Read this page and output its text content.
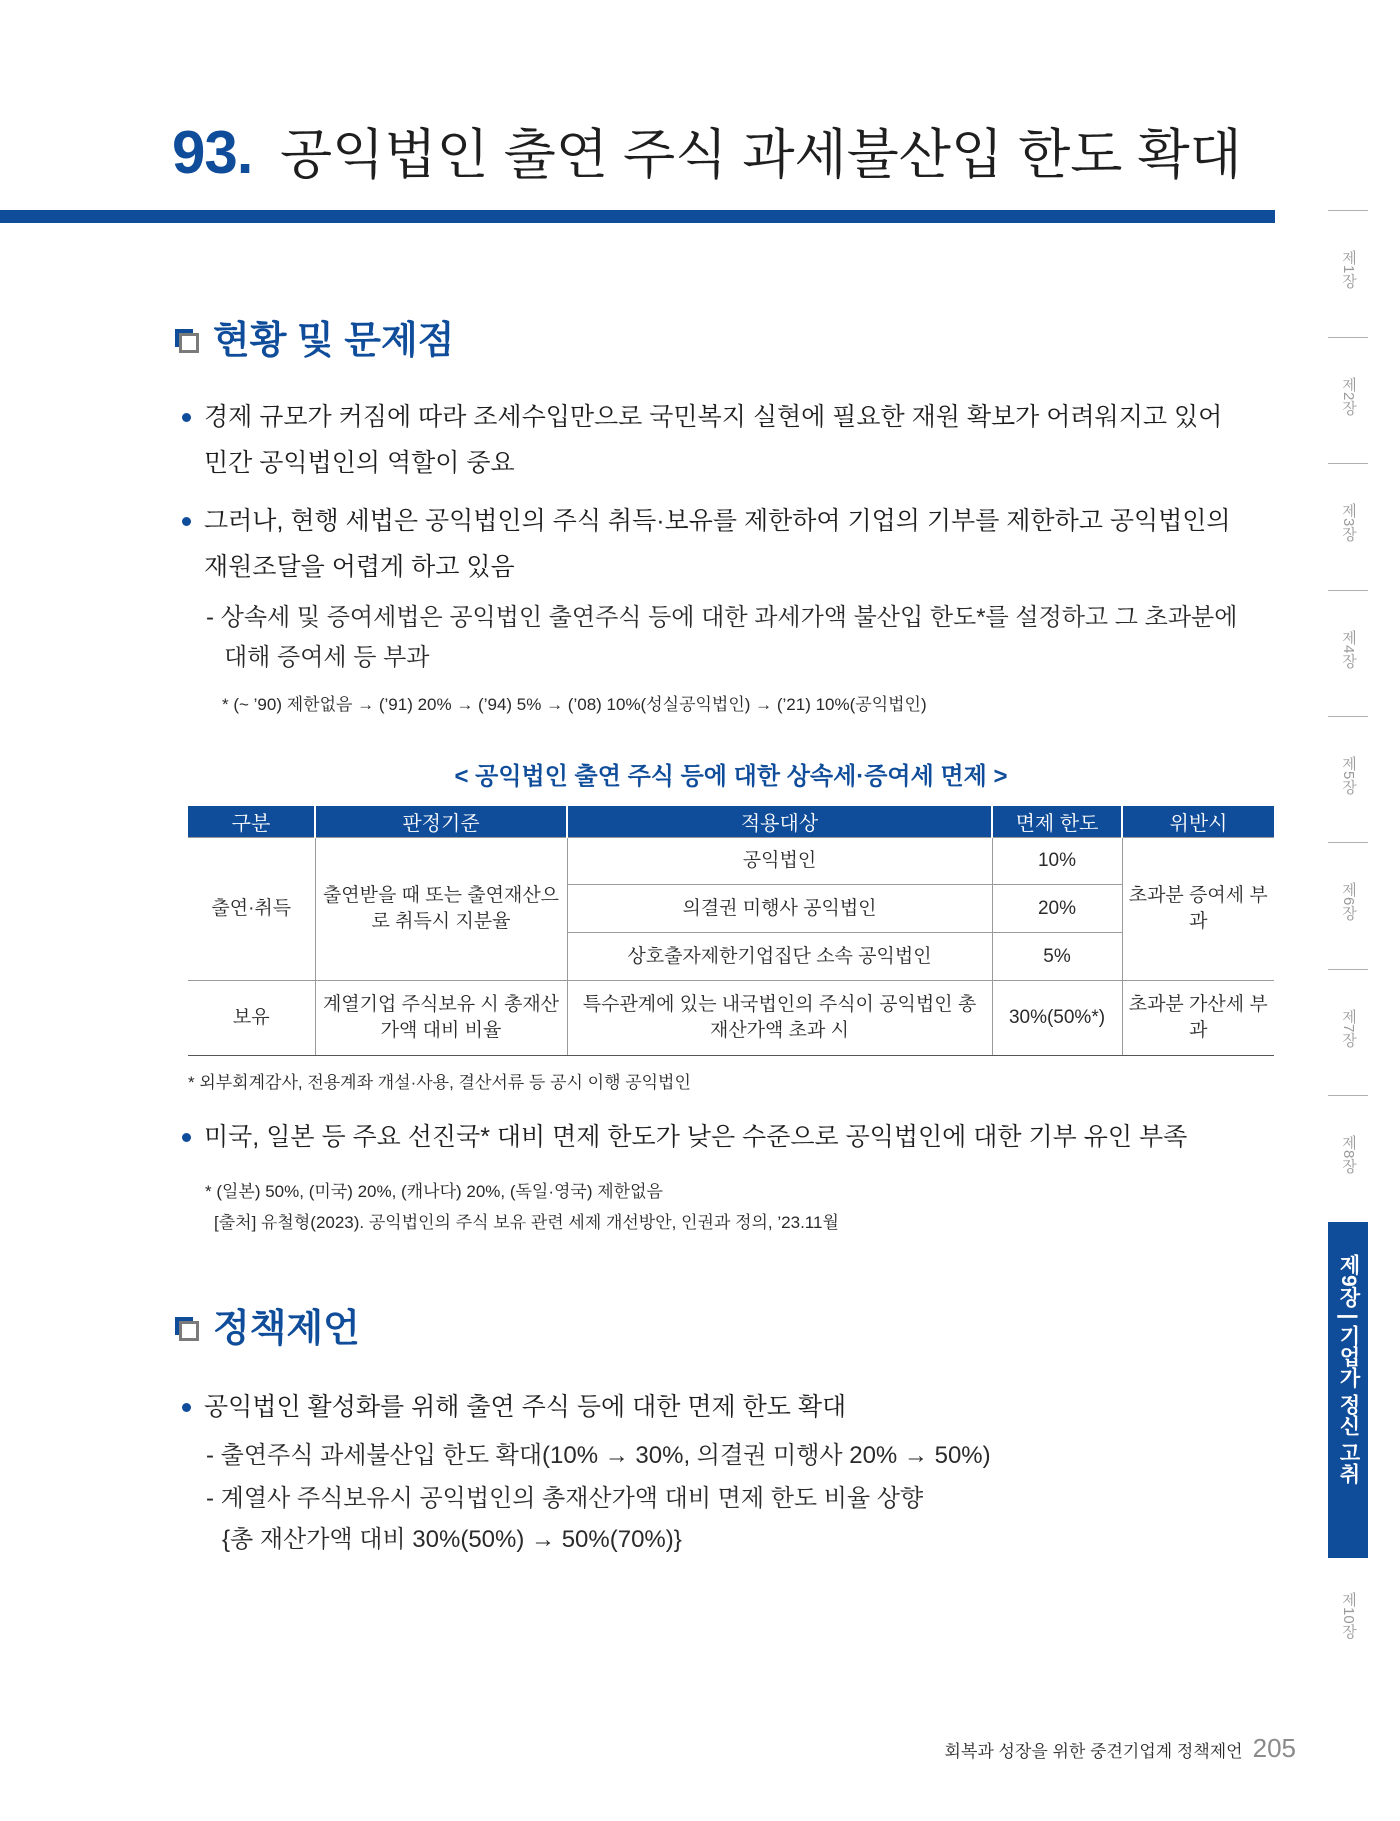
93. 공익법인 출연 주식 과세불산입 한도 확대
현황 및 문제점
경제 규모가 커짐에 따라 조세수입만으로 국민복지 실현에 필요한 재원 확보가 어려워지고 있어 민간 공익법인의 역할이 중요
그러나, 현행 세법은 공익법인의 주식 취득·보유를 제한하여 기업의 기부를 제한하고 공익법인의 재원조달을 어렵게 하고 있음
- 상속세 및 증여세법은 공익법인 출연주식 등에 대한 과세가액 불산입 한도*를 설정하고 그 초과분에 대해 증여세 등 부과
* (~ ’90) 제한없음 → (’91) 20% → (’94) 5% → (’08) 10%(성실공익법인) → (’21) 10%(공익법인)
< 공익법인 출연 주식 등에 대한 상속세·증여세 면제 >
구분	판정기준	적용대상	면제 한도	위반시
출연·취득	출연받을 때 또는 출연재산으로 취득시 지분율	공익법인	10%	초과분 증여세 부과
		의결권 미행사 공익법인	20%	
		상호출자제한기업집단 소속 공익법인	5%	
보유	계열기업 주식보유 시 총재산가액 대비 비율	특수관계에 있는 내국법인의 주식이 공익법인 총 재산가액 초과 시	30%(50%*)	초과분 가산세 부과
* 외부회계감사, 전용계좌 개설·사용, 결산서류 등 공시 이행 공익법인
미국, 일본 등 주요 선진국* 대비 면제 한도가 낮은 수준으로 공익법인에 대한 기부 유인 부족
* (일본) 50%, (미국) 20%, (캐나다) 20%, (독일·영국) 제한없음
[출처] 유철형(2023). 공익법인의 주식 보유 관련 세제 개선방안, 인권과 정의, ’23.11월
정책제언
공익법인 활성화를 위해 출연 주식 등에 대한 면제 한도 확대
- 출연주식 과세불산입 한도 확대(10% → 30%, 의결권 미행사 20% → 50%)
- 계열사 주식보유시 공익법인의 총재산가액 대비 면제 한도 비율 상향
{총 재산가액 대비 30%(50%) → 50%(70%)}
제1장
제2장
제3장
제4장
제5장
제6장
제7장
제8장
제9장 | 기업가 정신 고취
제10장
회복과 성장을 위한 중견기업계 정책제언 205
